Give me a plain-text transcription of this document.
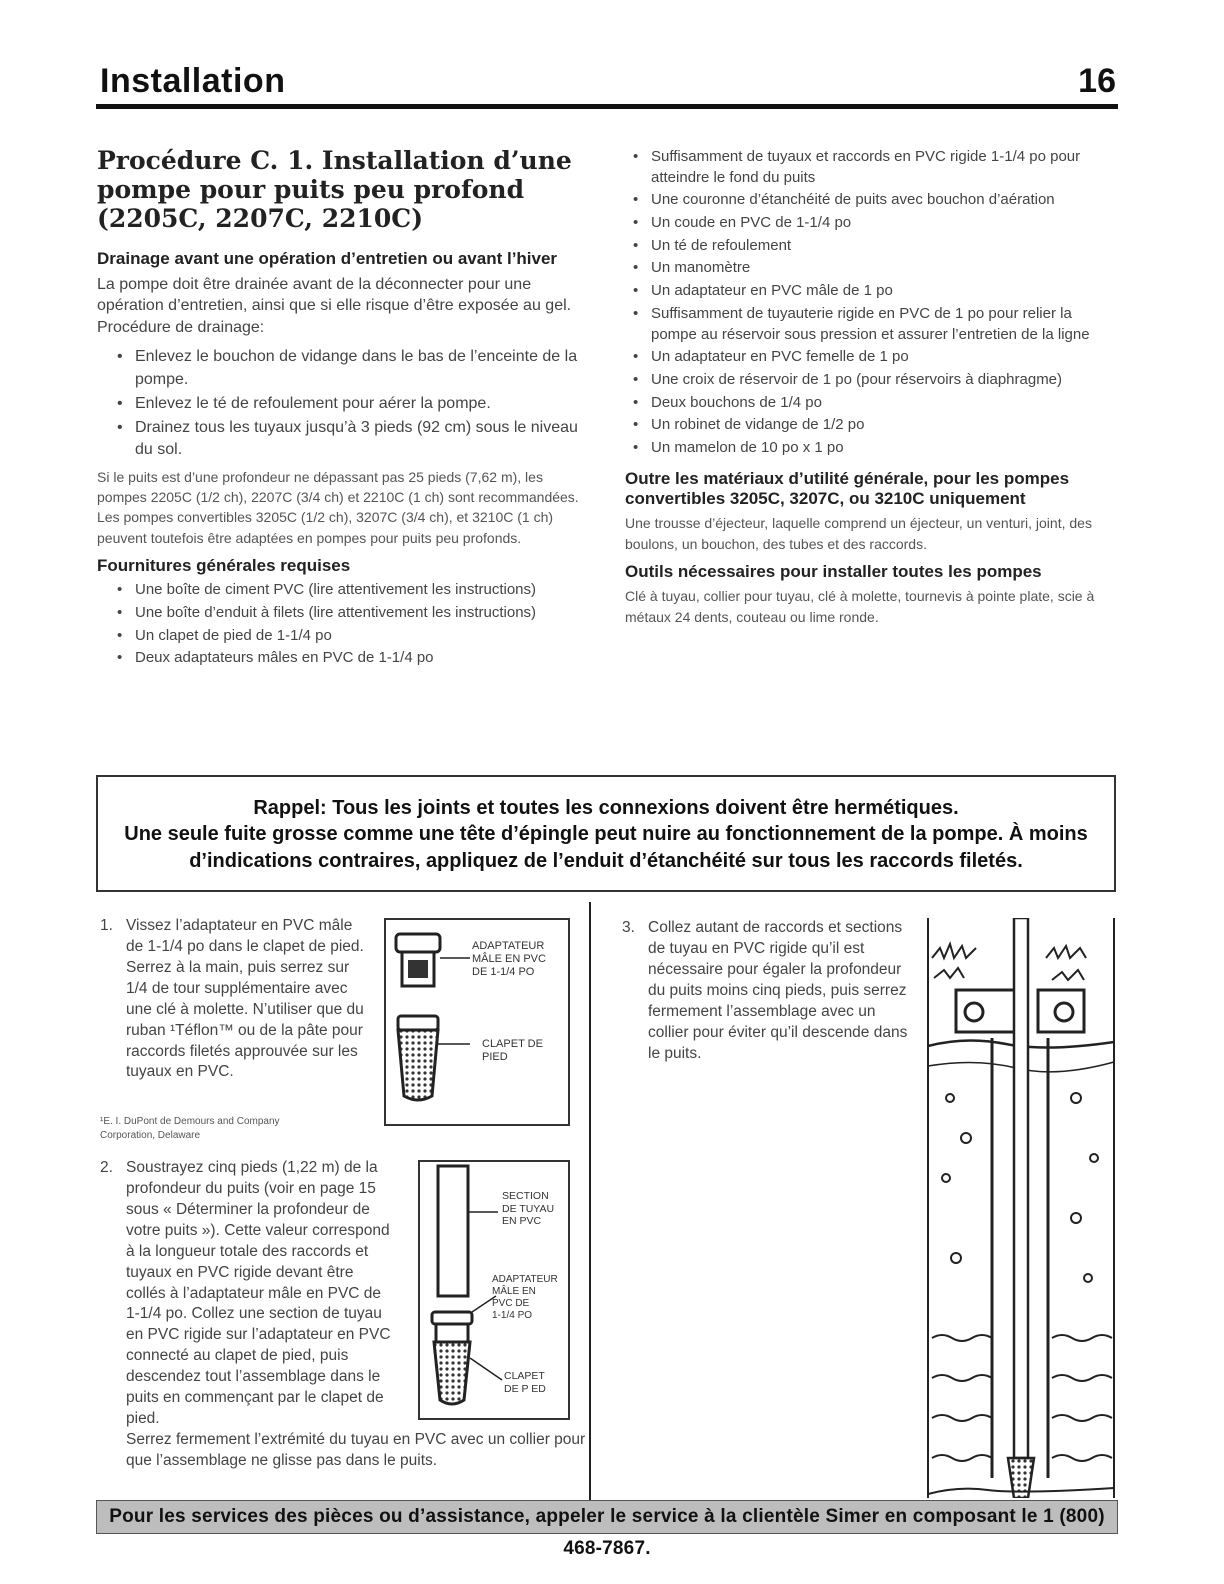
Installation	16
Procédure C. 1. Installation d’une pompe pour puits peu profond (2205C, 2207C, 2210C)
Drainage avant une opération d’entretien ou avant l’hiver
La pompe doit être drainée avant de la déconnecter pour une opération d’entretien, ainsi que si elle risque d’être exposée au gel. Procédure de drainage:
• Enlevez le bouchon de vidange dans le bas de l’enceinte de la pompe.
• Enlevez le té de refoulement pour aérer la pompe.
• Drainez tous les tuyaux jusqu’à 3 pieds (92 cm) sous le niveau du sol.
Si le puits est d’une profondeur ne dépassant pas 25 pieds (7,62 m), les pompes 2205C (1/2 ch), 2207C (3/4 ch) et 2210C (1 ch) sont recommandées. Les pompes convertibles 3205C (1/2 ch), 3207C (3/4 ch), et 3210C (1 ch) peuvent toutefois être adaptées en pompes pour puits peu profonds.
Fournitures générales requises
• Une boîte de ciment PVC (lire attentivement les instructions)
• Une boîte d’enduit à filets (lire attentivement les instructions)
• Un clapet de pied de 1-1/4 po
• Deux adaptateurs mâles en PVC de 1-1/4 po
• Suffisamment de tuyaux et raccords en PVC rigide 1-1/4 po pour atteindre le fond du puits
• Une couronne d’étanchéité de puits avec bouchon d’aération
• Un coude en PVC de 1-1/4 po
• Un té de refoulement
• Un manomètre
• Un adaptateur en PVC mâle de 1 po
• Suffisamment de tuyauterie rigide en PVC de 1 po pour relier la pompe au réservoir sous pression et assurer l’entretien de la ligne
• Un adaptateur en PVC femelle de 1 po
• Une croix de réservoir de 1 po (pour réservoirs à diaphragme)
• Deux bouchons de 1/4 po
• Un robinet de vidange de 1/2 po
• Un mamelon de 10 po x 1 po
Outre les matériaux d’utilité générale, pour les pompes convertibles 3205C, 3207C, ou 3210C uniquement
Une trousse d’éjecteur, laquelle comprend un éjecteur, un venturi, joint, des boulons, un bouchon, des tubes et des raccords.
Outils nécessaires pour installer toutes les pompes
Clé à tuyau, collier pour tuyau, clé à molette, tournevis à pointe plate, scie à métaux 24 dents, couteau ou lime ronde.
Rappel: Tous les joints et toutes les connexions doivent être hermétiques.
Une seule fuite grosse comme une tête d’épingle peut nuire au fonctionnement de la pompe. À moins
d’indications contraires, appliquez de l’enduit d’étanchéité sur tous les raccords filetés.
1. Vissez l’adaptateur en PVC mâle de 1-1/4 po dans le clapet de pied. Serrez à la main, puis serrez sur 1/4 de tour supplémentaire avec une clé à molette. N’utiliser que du ruban ¹Téflon™ ou de la pâte pour raccords filetés approuvée sur les tuyaux en PVC.
¹E. I. DuPont de Demours and Company
Corporation, Delaware
ADAPTATEUR
MÂLE EN PVC
DE 1-1/4 PO
CLAPET DE
PIED
2. Soustrayez cinq pieds (1,22 m) de la profondeur du puits (voir en page 15 sous « Déterminer la profondeur de votre puits »). Cette valeur correspond à la longueur totale des raccords et tuyaux en PVC rigide devant être collés à l’adaptateur mâle en PVC de 1-1/4 po. Collez une section de tuyau en PVC rigide sur l’adaptateur en PVC connecté au clapet de pied, puis descendez tout l’assemblage dans le puits en commençant par le clapet de pied.
Serrez fermement l’extrémité du tuyau en PVC avec un collier pour que l’assemblage ne glisse pas dans le puits.
SECTION
DE TUYAU
EN PVC
ADAPTATEUR
MÂLE EN
PVC DE
1-1/4 PO
CLAPET
DE P ED
3. Collez autant de raccords et sections de tuyau en PVC rigide qu’il est nécessaire pour égaler la profondeur du puits moins cinq pieds, puis serrez fermement l’assemblage avec un collier pour éviter qu’il descende dans le puits.
Pour les services des pièces ou d’assistance, appeler le service à la clientèle Simer en composant le 1 (800) 468-7867.
